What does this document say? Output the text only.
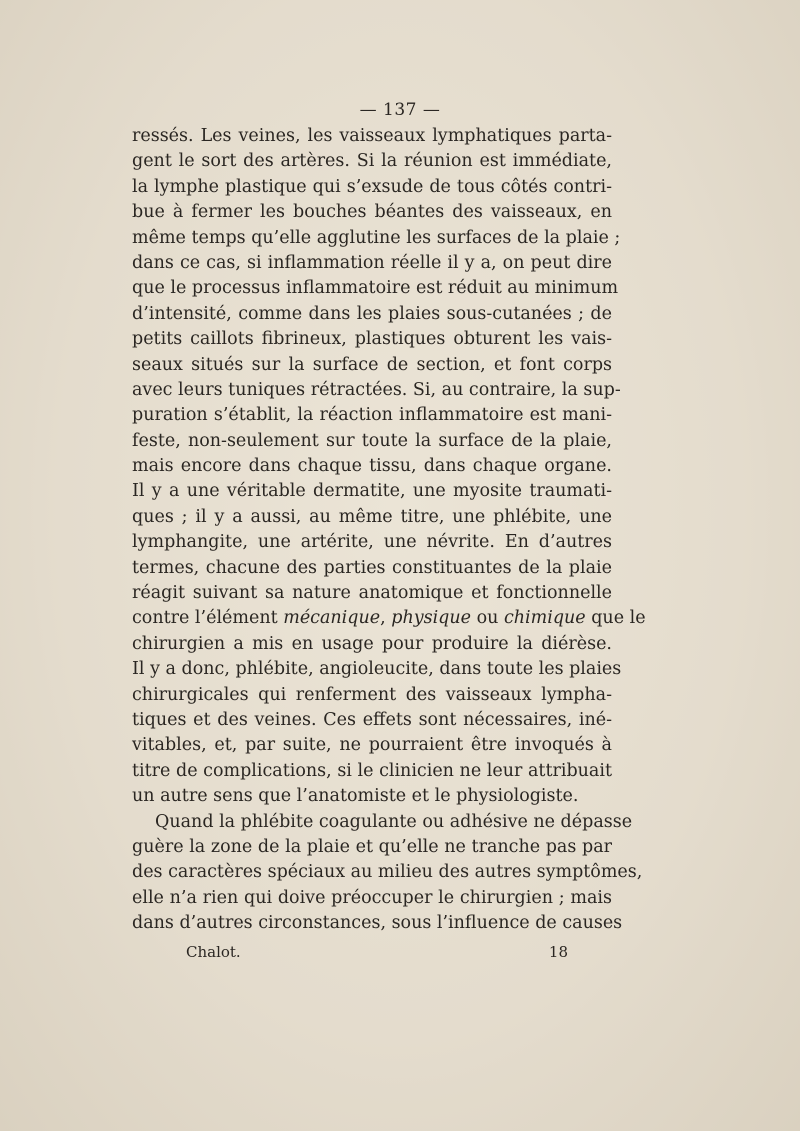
— 137 —
ressés. Les veines, les vaisseaux lymphatiques parta-
gent le sort des artères. Si la réunion est immédiate,
la lymphe plastique qui s’exsude de tous côtés contri-
bue à fermer les bouches béantes des vaisseaux, en
même temps qu’elle agglutine les surfaces de la plaie ;
dans ce cas, si inflammation réelle il y a, on peut dire
que le processus inflammatoire est réduit au minimum
d’intensité, comme dans les plaies sous-cutanées ; de
petits caillots fibrineux, plastiques obturent les vais-
seaux situés sur la surface de section, et font corps
avec leurs tuniques rétractées. Si, au contraire, la sup-
puration s’établit, la réaction inflammatoire est mani-
feste, non-seulement sur toute la surface de la plaie,
mais encore dans chaque tissu, dans chaque organe.
Il y a une véritable dermatite, une myosite traumati-
ques ; il y a aussi, au même titre, une phlébite, une
lymphangite, une artérite, une névrite. En d’autres
termes, chacune des parties constituantes de la plaie
réagit suivant sa nature anatomique et fonctionnelle
contre l’élément mécanique, physique ou chimique que le
chirurgien a mis en usage pour produire la diérèse.
Il y a donc, phlébite, angioleucite, dans toute les plaies
chirurgicales qui renferment des vaisseaux lympha-
tiques et des veines. Ces effets sont nécessaires, iné-
vitables, et, par suite, ne pourraient être invoqués à
titre de complications, si le clinicien ne leur attribuait
un autre sens que l’anatomiste et le physiologiste.
Quand la phlébite coagulante ou adhésive ne dépasse
guère la zone de la plaie et qu’elle ne tranche pas par
des caractères spéciaux au milieu des autres symptômes,
elle n’a rien qui doive préoccuper le chirurgien ; mais
dans d’autres circonstances, sous l’influence de causes
Chalot.	18
